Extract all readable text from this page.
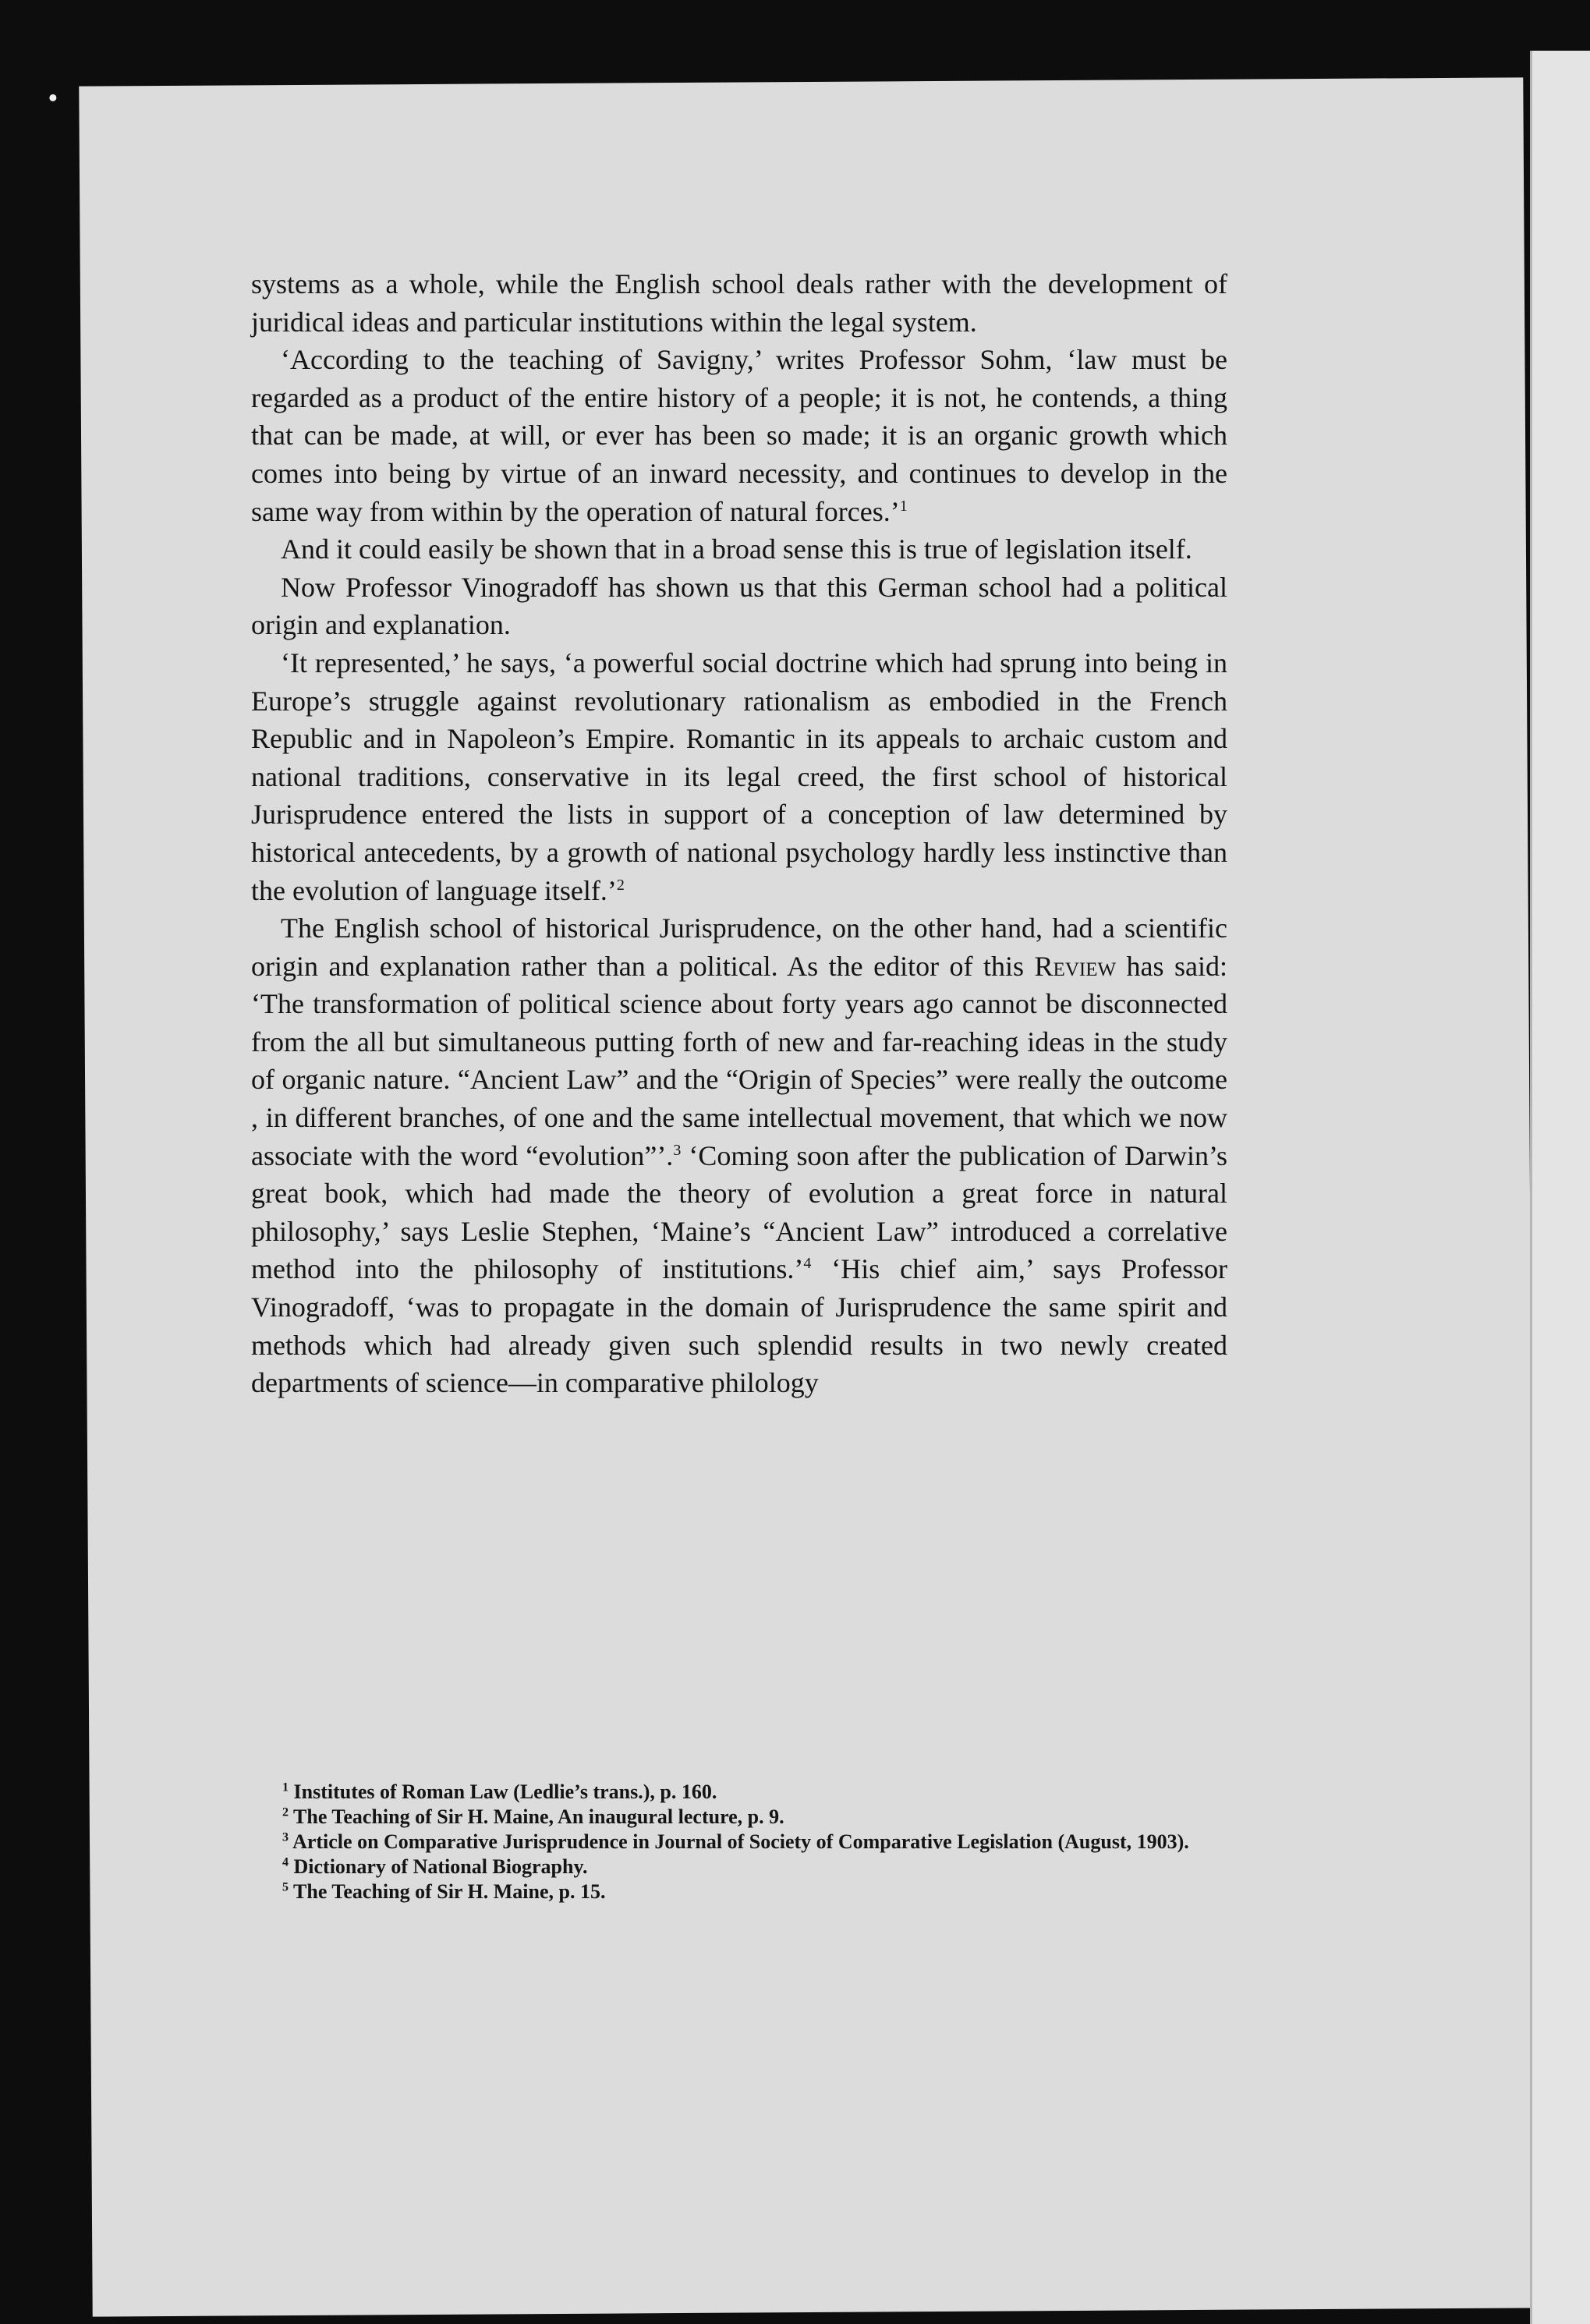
systems as a whole, while the English school deals rather with the development of juridical ideas and particular institutions within the legal system.

‘According to the teaching of Savigny,’ writes Professor Sohm, ‘law must be regarded as a product of the entire history of a people; it is not, he contends, a thing that can be made, at will, or ever has been so made; it is an organic growth which comes into being by virtue of an inward necessity, and continues to develop in the same way from within by the operation of natural forces.’$^1$

And it could easily be shown that in a broad sense this is true of legislation itself.

Now Professor Vinogradoff has shown us that this German school had a political origin and explanation.

‘It represented,’ he says, ‘a powerful social doctrine which had sprung into being in Europe’s struggle against revolutionary rationalism as embodied in the French Republic and in Napoleon’s Empire. Romantic in its appeals to archaic custom and national traditions, conservative in its legal creed, the first school of historical Jurisprudence entered the lists in support of a conception of law determined by historical antecedents, by a growth of national psychology hardly less instinctive than the evolution of language itself.’$^2$

The English school of historical Jurisprudence, on the other hand, had a scientific origin and explanation rather than a political. As the editor of this Review has said: ‘The transformation of political science about forty years ago cannot be disconnected from the all but simultaneous putting forth of new and far-reaching ideas in the study of organic nature. “Ancient Law” and the “Origin of Species” were really the outcome , in different branches, of one and the same intellectual movement, that which we now associate with the word “evolution”’.$^3$ ‘Coming soon after the publication of Darwin’s great book, which had made the theory of evolution a great force in natural philosophy,’ says Leslie Stephen, ‘Maine’s “Ancient Law” introduced a correlative method into the philosophy of institutions.’$^4$ ‘His chief aim,’ says Professor Vinogradoff, ‘was to propagate in the domain of Jurisprudence the same spirit and methods which had already given such splendid results in two newly created departments of science—in comparative philology

$^1$ Institutes of Roman Law (Ledlie’s trans.), p. 160.

$^2$ The Teaching of Sir H. Maine, An inaugural lecture, p. 9.

$^3$ Article on Comparative Jurisprudence in Journal of Society of Comparative Legislation (August, 1903).

$^4$ Dictionary of National Biography.

$^5$ The Teaching of Sir H. Maine, p. 15.
